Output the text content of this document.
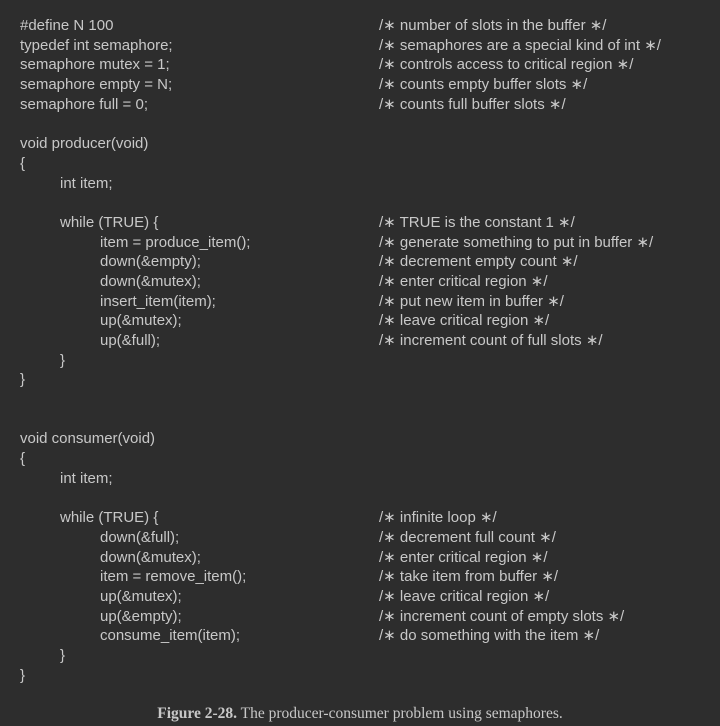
#define N 100	/∗ number of slots in the buffer ∗/
typedef int semaphore;	/∗ semaphores are a special kind of int ∗/
semaphore mutex = 1;	/∗ controls access to critical region ∗/
semaphore empty = N;	/∗ counts empty buffer slots ∗/
semaphore full = 0;	/∗ counts full buffer slots ∗/
void producer(void)
{
int item;
while (TRUE) {	/∗ TRUE is the constant 1 ∗/
item = produce_item();	/∗ generate something to put in buffer ∗/
down(&empty);	/∗ decrement empty count ∗/
down(&mutex);	/∗ enter critical region ∗/
insert_item(item);	/∗ put new item in buffer ∗/
up(&mutex);	/∗ leave critical region ∗/
up(&full);	/∗ increment count of full slots ∗/
}
}
void consumer(void)
{
int item;
while (TRUE) {	/∗ infinite loop ∗/
down(&full);	/∗ decrement full count ∗/
down(&mutex);	/∗ enter critical region ∗/
item = remove_item();	/∗ take item from buffer ∗/
up(&mutex);	/∗ leave critical region ∗/
up(&empty);	/∗ increment count of empty slots ∗/
consume_item(item);	/∗ do something with the item ∗/
}
}
Figure 2-28. The producer-consumer problem using semaphores.
